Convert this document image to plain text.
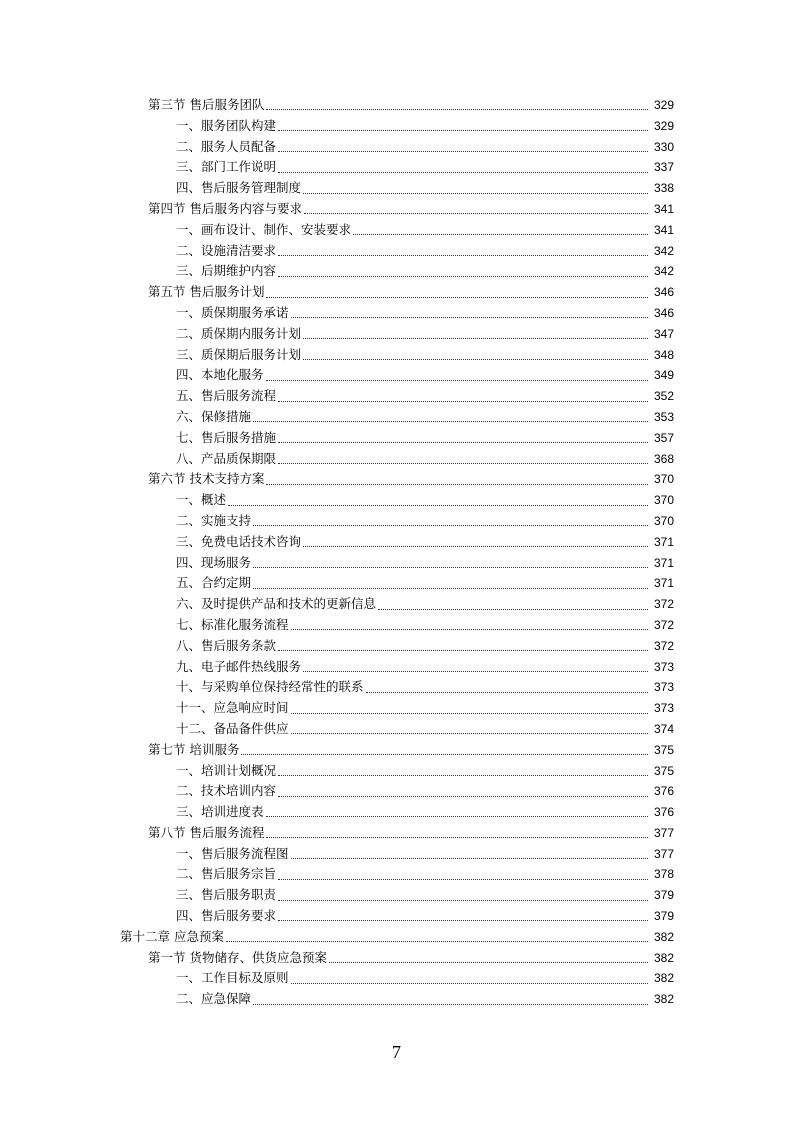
第三节 售后服务团队	329
一、服务团队构建	329
二、服务人员配备	330
三、部门工作说明	337
四、售后服务管理制度	338
第四节 售后服务内容与要求	341
一、画布设计、制作、安装要求	341
二、设施清洁要求	342
三、后期维护内容	342
第五节 售后服务计划	346
一、质保期服务承诺	346
二、质保期内服务计划	347
三、质保期后服务计划	348
四、本地化服务	349
五、售后服务流程	352
六、保修措施	353
七、售后服务措施	357
八、产品质保期限	368
第六节 技术支持方案	370
一、概述	370
二、实施支持	370
三、免费电话技术咨询	371
四、现场服务	371
五、合约定期	371
六、及时提供产品和技术的更新信息	372
七、标准化服务流程	372
八、售后服务条款	372
九、电子邮件热线服务	373
十、与采购单位保持经常性的联系	373
十一、应急响应时间	373
十二、备品备件供应	374
第七节 培训服务	375
一、培训计划概况	375
二、技术培训内容	376
三、培训进度表	376
第八节 售后服务流程	377
一、售后服务流程图	377
二、售后服务宗旨	378
三、售后服务职责	379
四、售后服务要求	379
第十二章 应急预案	382
第一节 货物储存、供货应急预案	382
一、工作目标及原则	382
二、应急保障	382
7
